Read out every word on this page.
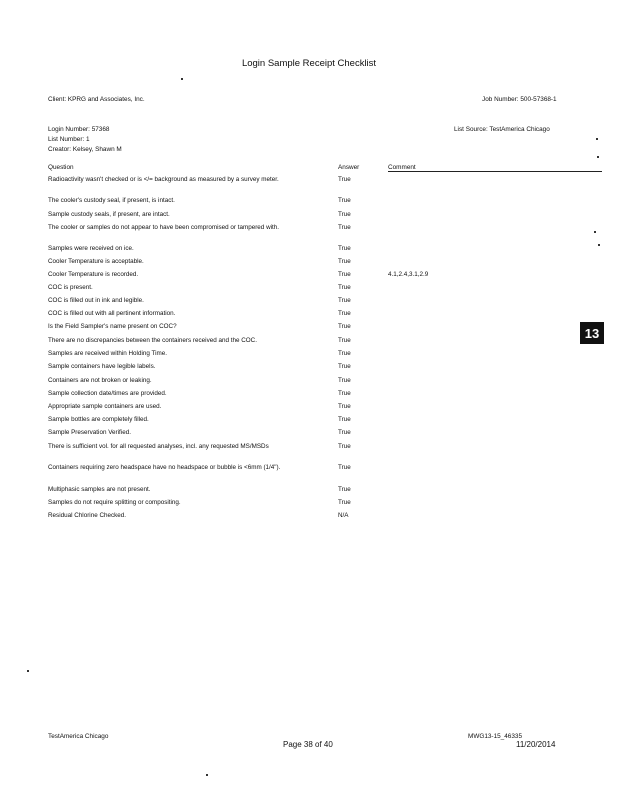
Login Sample Receipt Checklist
Client: KPRG and Associates, Inc.	Job Number: 500-57368-1
Login Number: 57368	List Source: TestAmerica Chicago
List Number: 1
Creator: Kelsey, Shawn M
Question	Answer	Comment
Radioactivity wasn't checked or is </= background as measured by a survey meter.	True
The cooler's custody seal, if present, is intact.	True
Sample custody seals, if present, are intact.	True
The cooler or samples do not appear to have been compromised or tampered with.	True
Samples were received on ice.	True
Cooler Temperature is acceptable.	True
Cooler Temperature is recorded.	True	4.1,2.4,3.1,2.9
COC is present.	True
COC is filled out in ink and legible.	True
COC is filled out with all pertinent information.	True
Is the Field Sampler's name present on COC?	True
There are no discrepancies between the containers received and the COC.	True
Samples are received within Holding Time.	True
Sample containers have legible labels.	True
Containers are not broken or leaking.	True
Sample collection date/times are provided.	True
Appropriate sample containers are used.	True
Sample bottles are completely filled.	True
Sample Preservation Verified.	True
There is sufficient vol. for all requested analyses, incl. any requested MS/MSDs	True
Containers requiring zero headspace have no headspace or bubble is <6mm (1/4").	True
Multiphasic samples are not present.	True
Samples do not require splitting or compositing.	True
Residual Chlorine Checked.	N/A
13
TestAmerica Chicago
Page 38 of 40
MWG13-15_46335
11/20/2014
